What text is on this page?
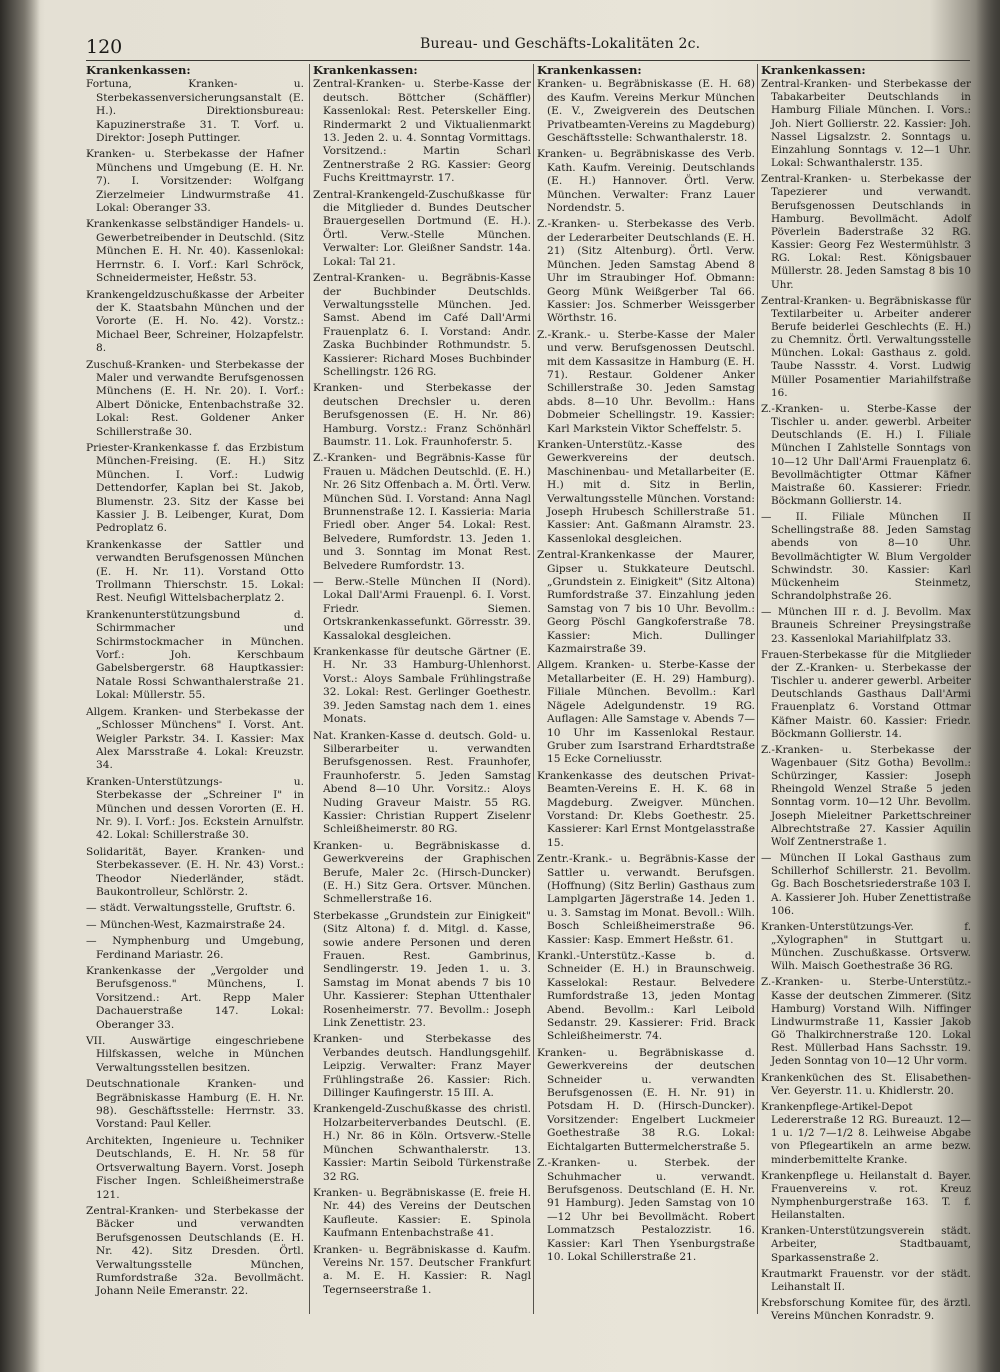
120	Bureau- und Geschäfts-Lokalitäten 2c.
Krankenkassen:
Fortuna, Kranken- u. Sterbekassenversicherungsanstalt (E. H.). Direktionsbureau: Kapuzinerstraße 31. T. Vorf. u. Direktor: Joseph Puttinger.
Kranken- u. Sterbekasse der Hafner Münchens und Umgebung (E. H. Nr. 7). I. Vorsitzender: Wolfgang Zierzelmeier Lindwurmstraße 41. Lokal: Oberanger 33.
Krankenkasse selbständiger Handels- u. Gewerbetreibender in Deutschld. (Sitz München E. H. Nr. 40). Kassenlokal: Herrnstr. 6. I. Vorf.: Karl Schröck, Schneidermeister, Heßstr. 53.
Krankengeldzuschußkasse der Arbeiter der K. Staatsbahn München und der Vororte (E. H. No. 42). Vorstz.: Michael Beer, Schreiner, Holzapfelstr. 8.
Zuschuß-Kranken- und Sterbekasse der Maler und verwandte Berufsgenossen Münchens (E. H. Nr. 20). I. Vorf.: Albert Dönicke, Entenbachstraße 32. Lokal: Rest. Goldener Anker Schillerstraße 30.
Priester-Krankenkasse f. das Erzbistum München-Freising. (E. H.) Sitz München. I. Vorf.: Ludwig Dettendorfer, Kaplan bei St. Jakob, Blumenstr. 23. Sitz der Kasse bei Kassier J. B. Leibenger, Kurat, Dom Pedroplatz 6.
Krankenkasse der Sattler und verwandten Berufsgenossen München (E. H. Nr. 11). Vorstand Otto Trollmann Thierschstr. 15. Lokal: Rest. Neufigl Wittelsbacherplatz 2.
Krankenunterstützungsbund d. Schirmmacher und Schirmstockmacher in München. Vorf.: Joh. Kerschbaum Gabelsbergerstr. 68 Hauptkassier: Natale Rossi Schwanthalerstraße 21. Lokal: Müllerstr. 55.
Allgem. Kranken- und Sterbekasse der „Schlosser Münchens" I. Vorst. Ant. Weigler Parkstr. 34. I. Kassier: Max Alex Marsstraße 4. Lokal: Kreuzstr. 34.
Kranken-Unterstützungs- u. Sterbekasse der „Schreiner I" in München und dessen Vororten (E. H. Nr. 9). I. Vorf.: Jos. Eckstein Arnulfstr. 42. Lokal: Schillerstraße 30.
Solidarität, Bayer. Kranken- und Sterbekassever. (E. H. Nr. 43) Vorst.: Theodor Niederländer, städt. Baukontrolleur, Schlörstr. 2.
— städt. Verwaltungsstelle, Gruftstr. 6.
— München-West, Kazmairstraße 24.
— Nymphenburg und Umgebung, Ferdinand Mariastr. 26.
Krankenkasse der „Vergolder und Berufsgenoss." Münchens, I. Vorsitzend.: Art. Repp Maler Dachauerstraße 147. Lokal: Oberanger 33.
VII. Auswärtige eingeschriebene Hilfskassen, welche in München Verwaltungsstellen besitzen.
Deutschnationale Kranken- und Begräbniskasse Hamburg (E. H. Nr. 98). Geschäftsstelle: Herrnstr. 33. Vorstand: Paul Keller.
Architekten, Ingenieure u. Techniker Deutschlands, E. H. Nr. 58 für Ortsverwaltung Bayern. Vorst. Joseph Fischer Ingen. Schleißheimerstraße 121.
Zentral-Kranken- und Sterbekasse der Bäcker und verwandten Berufsgenossen Deutschlands (E. H. Nr. 42). Sitz Dresden. Örtl. Verwaltungsstelle München, Rumfordstraße 32a. Bevollmächt. Johann Neile Emeranstr. 22.
Krankenkassen:
Zentral-Kranken- u. Sterbe-Kasse der deutsch. Böttcher (Schäffler) Kassenlokal: Rest. Peterskeller Eing. Rindermarkt 2 und Viktualienmarkt 13. Jeden 2. u. 4. Sonntag Vormittags. Vorsitzend.: Martin Scharl Zentnerstraße 2 RG. Kassier: Georg Fuchs Kreittmayrstr. 17.
Zentral-Krankengeld-Zuschußkasse für die Mitglieder d. Bundes Deutscher Brauergesellen Dortmund (E. H.). Örtl. Verw.-Stelle München. Verwalter: Lor. Gleißner Sandstr. 14a. Lokal: Tal 21.
Zentral-Kranken- u. Begräbnis-Kasse der Buchbinder Deutschlds. Verwaltungsstelle München. Jed. Samst. Abend im Café Dall'Armi Frauenplatz 6. I. Vorstand: Andr. Zaska Buchbinder Rothmundstr. 5. Kassierer: Richard Moses Buchbinder Schellingstr. 126 RG.
Kranken- und Sterbekasse der deutschen Drechsler u. deren Berufsgenossen (E. H. Nr. 86) Hamburg. Vorstz.: Franz Schönhärl Baumstr. 11. Lok. Fraunhoferstr. 5.
Z.-Kranken- und Begräbnis-Kasse für Frauen u. Mädchen Deutschld. (E. H.) Nr. 26 Sitz Offenbach a. M. Örtl. Verw. München Süd. I. Vorstand: Anna Nagl Brunnenstraße 12. I. Kassieria: Maria Friedl ober. Anger 54. Lokal: Rest. Belvedere, Rumfordstr. 13. Jeden 1. und 3. Sonntag im Monat Rest. Belvedere Rumfordstr. 13.
— Berw.-Stelle München II (Nord). Lokal Dall'Armi Frauenpl. 6. I. Vorst. Friedr. Siemen. Ortskrankenkassefunkt. Görresstr. 39. Kassalokal desgleichen.
Krankenkasse für deutsche Gärtner (E. H. Nr. 33 Hamburg-Uhlenhorst. Vorst.: Aloys Sambale Frühlingstraße 32. Lokal: Rest. Gerlinger Goethestr. 39. Jeden Samstag nach dem 1. eines Monats.
Nat. Kranken-Kasse d. deutsch. Gold- u. Silberarbeiter u. verwandten Berufsgenossen. Rest. Fraunhofer, Fraunhoferstr. 5. Jeden Samstag Abend 8—10 Uhr. Vorsitz.: Aloys Nuding Graveur Maistr. 55 RG. Kassier: Christian Ruppert Ziselenr Schleißheimerstr. 80 RG.
Kranken- u. Begräbniskasse d. Gewerkvereins der Graphischen Berufe, Maler 2c. (Hirsch-Duncker) (E. H.) Sitz Gera. Ortsver. München. Schmellerstraße 16.
Sterbekasse „Grundstein zur Einigkeit" (Sitz Altona) f. d. Mitgl. d. Kasse, sowie andere Personen und deren Frauen. Rest. Gambrinus, Sendlingerstr. 19. Jeden 1. u. 3. Samstag im Monat abends 7 bis 10 Uhr. Kassierer: Stephan Uttenthaler Rosenheimerstr. 77. Bevollm.: Joseph Link Zenettistr. 23.
Kranken- und Sterbekasse des Verbandes deutsch. Handlungsgehilf. Leipzig. Verwalter: Franz Mayer Frühlingstraße 26. Kassier: Rich. Dillinger Kaufingerstr. 15 III. A.
Krankengeld-Zuschußkasse des christl. Holzarbeiterverbandes Deutschl. (E. H.) Nr. 86 in Köln. Ortsverw.-Stelle München Schwanthalerstr. 13. Kassier: Martin Seibold Türkenstraße 32 RG.
Kranken- u. Begräbniskasse (E. freie H. Nr. 44) des Vereins der Deutschen Kaufleute. Kassier: E. Spinola Kaufmann Entenbachstraße 41.
Kranken- u. Begräbniskasse d. Kaufm. Vereins Nr. 157. Deutscher Frankfurt a. M. E. H. Kassier: R. Nagl Tegernseerstraße 1.
Krankenkassen:
Kranken- u. Begräbniskasse (E. H. 68) des Kaufm. Vereins Merkur München (E. V., Zweigverein des Deutschen Privatbeamten-Vereins zu Magdeburg) Geschäftsstelle: Schwanthalerstr. 18.
Kranken- u. Begräbniskasse des Verb. Kath. Kaufm. Vereinig. Deutschlands (E. H.) Hannover. Örtl. Verw. München. Verwalter: Franz Lauer Nordendstr. 5.
Z.-Kranken- u. Sterbekasse des Verb. der Lederarbeiter Deutschlands (E. H. 21) (Sitz Altenburg). Örtl. Verw. München. Jeden Samstag Abend 8 Uhr im Straubinger Hof. Obmann: Georg Münk Weißgerber Tal 66. Kassier: Jos. Schmerber Weissgerber Wörthstr. 16.
Z.-Krank.- u. Sterbe-Kasse der Maler und verw. Berufsgenossen Deutschl. mit dem Kassasitze in Hamburg (E. H. 71). Restaur. Goldener Anker Schillerstraße 30. Jeden Samstag abds. 8—10 Uhr. Bevollm.: Hans Dobmeier Schellingstr. 19. Kassier: Karl Markstein Viktor Scheffelstr. 5.
Kranken-Unterstütz.-Kasse des Gewerkvereins der deutsch. Maschinenbau- und Metallarbeiter (E. H.) mit d. Sitz in Berlin, Verwaltungsstelle München. Vorstand: Joseph Hrubesch Schillerstraße 51. Kassier: Ant. Gaßmann Alramstr. 23. Kassenlokal desgleichen.
Zentral-Krankenkasse der Maurer, Gipser u. Stukkateure Deutschl. „Grundstein z. Einigkeit" (Sitz Altona) Rumfordstraße 37. Einzahlung jeden Samstag von 7 bis 10 Uhr. Bevollm.: Georg Pöschl Gangkoferstraße 78. Kassier: Mich. Dullinger Kazmairstraße 39.
Allgem. Kranken- u. Sterbe-Kasse der Metallarbeiter (E. H. 29) Hamburg). Filiale München. Bevollm.: Karl Nägele Adelgundenstr. 19 RG. Auflagen: Alle Samstage v. Abends 7—10 Uhr im Kassenlokal Restaur. Gruber zum Isarstrand Erhardtstraße 15 Ecke Corneliusstr.
Krankenkasse des deutschen Privat-Beamten-Vereins E. H. K. 68 in Magdeburg. Zweigver. München. Vorstand: Dr. Klebs Goethestr. 25. Kassierer: Karl Ernst Montgelasstraße 15.
Zentr.-Krank.- u. Begräbnis-Kasse der Sattler u. verwandt. Berufsgen. (Hoffnung) (Sitz Berlin) Gasthaus zum Lamplgarten Jägerstraße 14. Jeden 1. u. 3. Samstag im Monat. Bevoll.: Wilh. Bosch Schleißheimerstraße 96. Kassier: Kasp. Emmert Heßstr. 61.
Krankl.-Unterstütz.-Kasse b. d. Schneider (E. H.) in Braunschweig. Kasselokal: Restaur. Belvedere Rumfordstraße 13, jeden Montag Abend. Bevollm.: Karl Leibold Sedanstr. 29. Kassierer: Frid. Brack Schleißheimerstr. 74.
Kranken- u. Begräbniskasse d. Gewerkvereins der deutschen Schneider u. verwandten Berufsgenossen (E. H. Nr. 91) in Potsdam H. D. (Hirsch-Duncker). Vorsitzender: Engelbert Luckmeier Goethestraße 38 R.G. Lokal: Eichtalgarten Buttermelcherstraße 5.
Z.-Kranken- u. Sterbek. der Schuhmacher u. verwandt. Berufsgenoss. Deutschland (E. H. Nr. 91 Hamburg). Jeden Samstag von 10—12 Uhr bei Bevollmächt. Robert Lommatzsch Pestalozzistr. 16. Kassier: Karl Then Ysenburgstraße 10. Lokal Schillerstraße 21.
Krankenkassen:
Zentral-Kranken- und Sterbekasse der Tabakarbeiter Deutschlands in Hamburg Filiale München. I. Vors.: Joh. Niert Gollierstr. 22. Kassier: Joh. Nassel Ligsalzstr. 2. Sonntags u. Einzahlung Sonntags v. 12—1 Uhr. Lokal: Schwanthalerstr. 135.
Zentral-Kranken- u. Sterbekasse der Tapezierer und verwandt. Berufsgenossen Deutschlands in Hamburg. Bevollmächt. Adolf Pöverlein Baderstraße 32 RG. Kassier: Georg Fez Westermühlstr. 3 RG. Lokal: Rest. Königsbauer Müllerstr. 28. Jeden Samstag 8 bis 10 Uhr.
Zentral-Kranken- u. Begräbniskasse für Textilarbeiter u. Arbeiter anderer Berufe beiderlei Geschlechts (E. H.) zu Chemnitz. Örtl. Verwaltungsstelle München. Lokal: Gasthaus z. gold. Taube Nassstr. 4. Vorst. Ludwig Müller Posamentier Mariahilfstraße 16.
Z.-Kranken- u. Sterbe-Kasse der Tischler u. ander. gewerbl. Arbeiter Deutschlands (E. H.) I. Filiale München I Zahlstelle Sonntags von 10—12 Uhr Dall'Armi Frauenplatz 6. Bevollmächtigter Ottmar Käfner Maistraße 60. Kassierer: Friedr. Böckmann Gollierstr. 14.
— II. Filiale München II Schellingstraße 88. Jeden Samstag abends von 8—10 Uhr. Bevollmächtigter W. Blum Vergolder Schwindstr. 30. Kassier: Karl Mückenheim Steinmetz, Schrandolphstraße 26.
— München III r. d. J. Bevollm. Max Brauneis Schreiner Preysingstraße 23. Kassenlokal Mariahilfplatz 33.
Frauen-Sterbekasse für die Mitglieder der Z.-Kranken- u. Sterbekasse der Tischler u. anderer gewerbl. Arbeiter Deutschlands Gasthaus Dall'Armi Frauenplatz 6. Vorstand Ottmar Käfner Maistr. 60. Kassier: Friedr. Böckmann Gollierstr. 14.
Z.-Kranken- u. Sterbekasse der Wagenbauer (Sitz Gotha) Bevollm.: Schürzinger, Kassier: Joseph Rheingold Wenzel Straße 5 jeden Sonntag vorm. 10—12 Uhr. Bevollm. Joseph Mieleitner Parkettschreiner Albrechtstraße 27. Kassier Aquilin Wolf Zentnerstraße 1.
— München II Lokal Gasthaus zum Schillerhof Schillerstr. 21. Bevollm. Gg. Bach Boschetsriederstraße 103 I. A. Kassierer Joh. Huber Zenettistraße 106.
Kranken-Unterstützungs-Ver. f. „Xylographen" in Stuttgart u. München. Zuschußkasse. Ortsverw. Wilh. Maisch Goethestraße 36 RG.
Z.-Kranken- u. Sterbe-Unterstütz.-Kasse der deutschen Zimmerer. (Sitz Hamburg) Vorstand Wilh. Niffinger Lindwurmstraße 11, Kassier Jakob Gö Thalkirchnerstraße 120. Lokal Rest. Müllerbad Hans Sachsstr. 19. Jeden Sonntag von 10—12 Uhr vorm.
Krankenküchen des St. Elisabethen-Ver. Geyerstr. 11. u. Khidlerstr. 20.
Krankenpflege-Artikel-Depot Ledererstraße 12 RG. Bureauzt. 12—1 u. 1/2 7—1/2 8. Leihweise Abgabe von Pflegeartikeln an arme bezw. minderbemittelte Kranke.
Krankenpflege u. Heilanstalt d. Bayer. Frauenvereins v. rot. Kreuz Nymphenburgerstraße 163. T. f. Heilanstalten.
Kranken-Unterstützungsverein städt. Arbeiter, Stadtbauamt, Sparkassenstraße 2.
Krautmarkt Frauenstr. vor der städt. Leihanstalt II.
Krebsforschung Komitee für, des ärztl. Vereins München Konradstr. 9.
